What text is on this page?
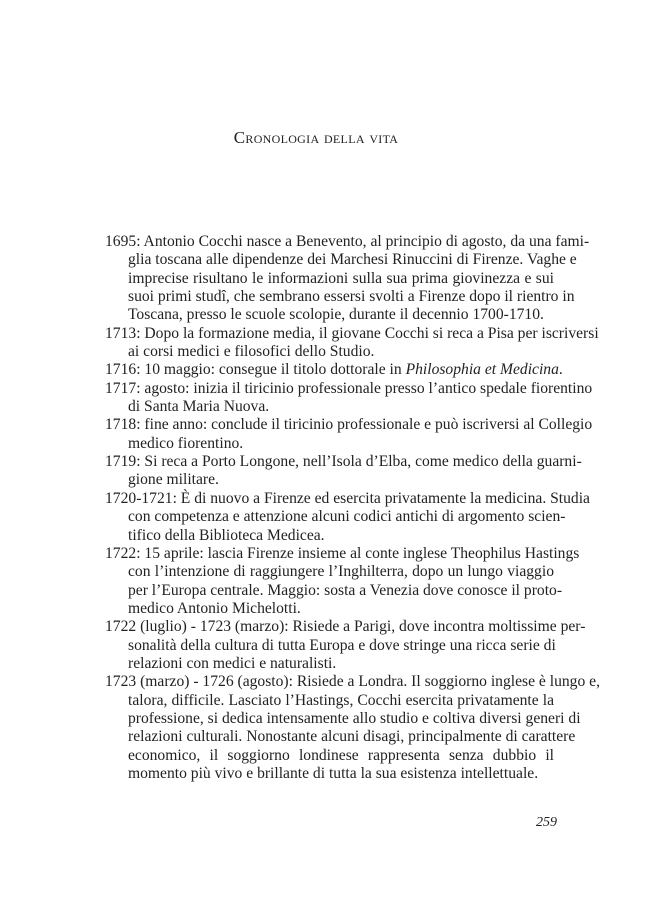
Cronologia della vita
1695: Antonio Cocchi nasce a Benevento, al principio di agosto, da una fami-
glia toscana alle dipendenze dei Marchesi Rinuccini di Firenze. Vaghe e
imprecise risultano le informazioni sulla sua prima giovinezza e sui
suoi primi studî, che sembrano essersi svolti a Firenze dopo il rientro in
Toscana, presso le scuole scolopie, durante il decennio 1700-1710.
1713: Dopo la formazione media, il giovane Cocchi si reca a Pisa per iscriversi
ai corsi medici e filosofici dello Studio.
1716: 10 maggio: consegue il titolo dottorale in Philosophia et Medicina.
1717: agosto: inizia il tiricinio professionale presso l’antico spedale fiorentino
di Santa Maria Nuova.
1718: fine anno: conclude il tiricinio professionale e può iscriversi al Collegio
medico fiorentino.
1719: Si reca a Porto Longone, nell’Isola d’Elba, come medico della guarni-
gione militare.
1720-1721: È di nuovo a Firenze ed esercita privatamente la medicina. Studia
con competenza e attenzione alcuni codici antichi di argomento scien-
tifico della Biblioteca Medicea.
1722: 15 aprile: lascia Firenze insieme al conte inglese Theophilus Hastings
con l’intenzione di raggiungere l’Inghilterra, dopo un lungo viaggio
per l’Europa centrale. Maggio: sosta a Venezia dove conosce il proto-
medico Antonio Michelotti.
1722 (luglio) - 1723 (marzo): Risiede a Parigi, dove incontra moltissime per-
sonalità della cultura di tutta Europa e dove stringe una ricca serie di
relazioni con medici e naturalisti.
1723 (marzo) - 1726 (agosto): Risiede a Londra. Il soggiorno inglese è lungo e,
talora, difficile. Lasciato l’Hastings, Cocchi esercita privatamente la
professione, si dedica intensamente allo studio e coltiva diversi generi di
relazioni culturali. Nonostante alcuni disagi, principalmente di carattere
economico, il soggiorno londinese rappresenta senza dubbio il
momento più vivo e brillante di tutta la sua esistenza intellettuale.
259
